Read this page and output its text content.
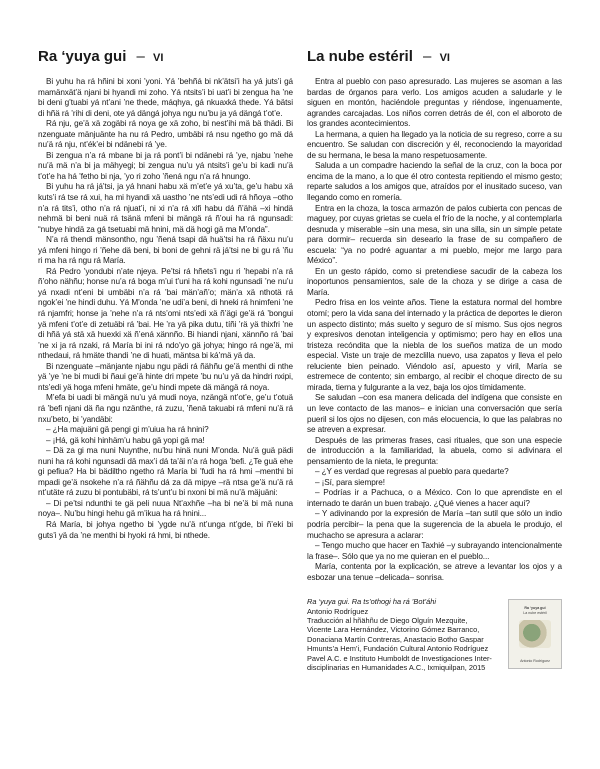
Ra ‘yuya gui – VI

Bi yuhu ha rá hñini bi xoni ’yoni. Yá ’behñá bi nk’ätsi’i ha yá juts’i gá mamänxät’ä njani bi hyandi mi zoho. Yá ntsits’i bi uat’i bi zengua ha ’ne bi deni g’tuabi yá nt’ani ’ne thede, máqhya, gá nkuaxká thede. Yá bätsi di hñä rá ’rihi di deni, ote yá dängá johya ngu nu’bu ja yá dängá t’ot’e.

Rá nju, ge’ä xä zogäbi rá noya ge xä zoho, bi nest’ihi mä bä thädi. Bi nzenguate mänjuänte ha nu rá Pedro, umbäbi rá nsu ngetho go mä dá nu’ä rá nju, nt’ék’ei bi ndänebi rá ’ye.

Bi zengua n’a rá mbane bi ja rá pont’i bi ndänebi rá ’ye, njabu ’nehe nu’ä mä n’a bi ja mähyegi; bi zengua nu’u yá ntsits’i ge’u bi kadi nu’ä t’ot’e ha há ’fetho bi nja, ’yo ri zoho ’ñená ngu n’a rá hnungo.

Bi yuhu ha rá já’tsi, ja yá hnani habu xä m’et’e yá xu’ta, ge’u habu xä kuts’i rá tse rá xui, ha mi hyandi xä uastho ’ne nts’edi udi rá hñoya –otho n’a rá tits’i, otho n’a rá njuat’i, ni xi n’a rá xifi habu dá ñ’ähä –xi hindä nehmä bi beni nuä rá tsänä mfeni bi mängä rá ñ’oui ha rá ngunsadi: “nubye hindä za gá tsetuabi mä hnini, mä dä hogi gä ma M’onda”.

N’a rá thendi mänsontho, ngu ’ñená tsapi dä huä’tsi ha rá ñäxu nu’u yá mfeni hingo ri ’ñehe dä beni, bi boni de gehni rä já’tsi ne bi gu rá ’ñu ri ma ha rá ngu rá María.

Rá Pedro ’yondubi n’ate njeya. Pe’tsi rá hñets’i ngu ri ’hepabi n’a rá ñ’oho nähñu; honse nu’a rá boga m’ui t’uni ha rá kohi ngunsadi ’ne nu’u yá nxadi nt’eni bi umbäbi n’a rá ’bai män’añ’o; män’a xä nthotä rá ngok’ei ’ne hindi duhu. Yá M’onda ’ne udi’a beni, di hneki rá hnimfeni ’ne rá njamfri; honse ja ’nehe n’a rá nts’omi nts’edi xä ñ’ägi ge’ä rá ’bongui yä mfeni t’ot’e di zetuäbi rá ’bai. He ’ra yä pika dutu, tíñi ’rä yä thixfri ’ne di hñä yá stä xä huexki xä ñ’ená xännño. Bi hiandi njani, xännño rá ’bai ’ne xi ja rá nzaki, rá María bi ini rá ndo’yo gä johya; hingo rá nge’ä, mi nthedaui, rá hmäte thandi ’ne di huati, mäntsa bi ká’mä yä da.

Bi nzenguate –mänjante njabu ngu pädi rá ñähñu ge’ä menthi di nthe yä ’ye ’ne bi mudi bi ñaui ge’ä hinte dri mpete ’bu nu’u yä da hindri nxipi, nts’edi yä hoga mfeni hmäte, ge’u hindi mpete dä mängä rá noya.

M’efa bi uadi bi mängä nu’u yá mudi noya, nzängä nt’ot’e, ge’u t’otuä rá ’befi njani dä ña ngu nzänthe, rá zuzu, ’ñenä takuabi rá mfeni nu’ä rá nxu’beto, bi ’yandäbi:

– ¿Ha majuäni gä pengi gi m’uiua ha rá hnini?

– ¡Há, gä kohi hinhäm’u habu gä yopi gä ma!

– Dä za gi ma nuni Nuynthe, nu’bu hinä nuni M’onda. Nu’ä guä pädi nuni ha rá kohi ngunsadi dä max’i dá ta’äi n’a rá hoga ’befi. ¿Te guä ehe gi pefiua? Ha bi bädiltho ngetho rá María bi ’fudi ha rá hmi –menthi bi mpadi ge’ä nsokehe n’a rá ñähñu dá za dä mipye –rä ntsa ge’ä nu’ä rá nt’utäte rá zuzu bi pontubäbi, rá ts’unt’u bi nxoni bi mä nu’ä mäjuäni:

– Di pe’tsi ndunthi te gä peli nuua Nt’axhñe –ha bi ne’ä bi mä nuna noya–. Nu’bu hingi hehu gä m’ikua ha rá hnini...

Rá María, bi johya ngetho bi ’ygde nu’ä nt’unga nt’gde, bi ñ’eki bi guts’i yä da ’ne menthi bi hyoki rá hmi, bi nthede.

La nube estéril – VI

Entra al pueblo con paso apresurado. Las mujeres se asoman a las bardas de órganos para verlo. Los amigos acuden a saludarle y le siguen en montón, haciéndole preguntas y riéndose, ingenuamente, agrandes carcajadas. Los niños corren detrás de él, con el alboroto de los grandes acontecimientos.

La hermana, a quien ha llegado ya la noticia de su regreso, corre a su encuentro. Se saludan con discreción y él, reconociendo la mayoridad de su hermana, le besa la mano respetuosamente.

Saluda a un compadre haciendo la señal de la cruz, con la boca por encima de la mano, a lo que él otro contesta repitiendo el mismo gesto; reparte saludos a los amigos que, atraídos por el inusitado suceso, van llegando como en romería.

Entra en la choza, la tosca armazón de palos cubierta con pencas de maguey, por cuyas grietas se cuela el frío de la noche, y al contemplarla desnuda y miserable –sin una mesa, sin una silla, sin un simple petate para dormir– recuerda sin desearlo la frase de su compañero de escuela: “ya no podré aguantar a mi pueblo, mejor me largo para México”.

En un gesto rápido, como si pretendiese sacudir de la cabeza los inoportunos pensamientos, sale de la choza y se dirige a casa de María.

Pedro frisa en los veinte años. Tiene la estatura normal del hombre otomí; pero la vida sana del internado y la práctica de deportes le dieron un aspecto distinto; más suelto y seguro de sí mismo. Sus ojos negros y expresivos denotan inteligencia y optimismo; pero hay en ellos una tristeza recóndita que la niebla de los sueños matiza de un modo especial. Viste un traje de mezclilla nuevo, usa zapatos y lleva el pelo reluciente bien peinado. Viéndolo así, apuesto y viril, María se estremece de contento; sin embargo, al recibir el choque directo de su mirada, tierna y fulgurante a la vez, baja los ojos tímidamente.

Se saludan –con esa manera delicada del indígena que consiste en un leve contacto de las manos– e inician una conversación que sería pueril si los ojos no dijesen, con más elocuencia, lo que las palabras no se atreven a expresar.

Después de las primeras frases, casi rituales, que son una especie de introducción a la familiaridad, la abuela, como si adivinara el pensamiento de la nieta, le pregunta:

– ¿Y es verdad que regresas al pueblo para quedarte?

– ¡Sí, para siempre!

– Podrías ir a Pachuca, o a México. Con lo que aprendiste en el internado te darán un buen trabajo. ¿Qué vienes a hacer aquí?

– Y adivinando por la expresión de María –tan sutil que sólo un indio podría percibir– la pena que la sugerencia de la abuela le produjo, el muchacho se apresura a aclarar:

– Tengo mucho que hacer en Taxhié –y subrayando intencionalmente la frase–. Sólo que ya no me quieran en el pueblo...

María, contenta por la explicación, se atreve a levantar los ojos y a esbozar una tenue –delicada– sonrisa.

Ra ‘yuya gui. Ra ts’othogi ha rá ’Bot’áhi

Antonio Rodríguez

Traducción al hñähñu de Diego Olguín Mezquite,

Vicente Lara Hernández, Victorino Gómez Barranco,

Donaciana Martín Contreras, Anastacio Botho Gaspar

Hmunts’a Hem’i, Fundación Cultural Antonio Rodríguez

Pavel A.C. e Instituto Humboldt de Investigaciones Inter-

disciplinarias en Humanidades A.C., Ixmiquilpan, 2015

Ra ‘yuya gui
La nube estéril
Antonio Rodríguez
